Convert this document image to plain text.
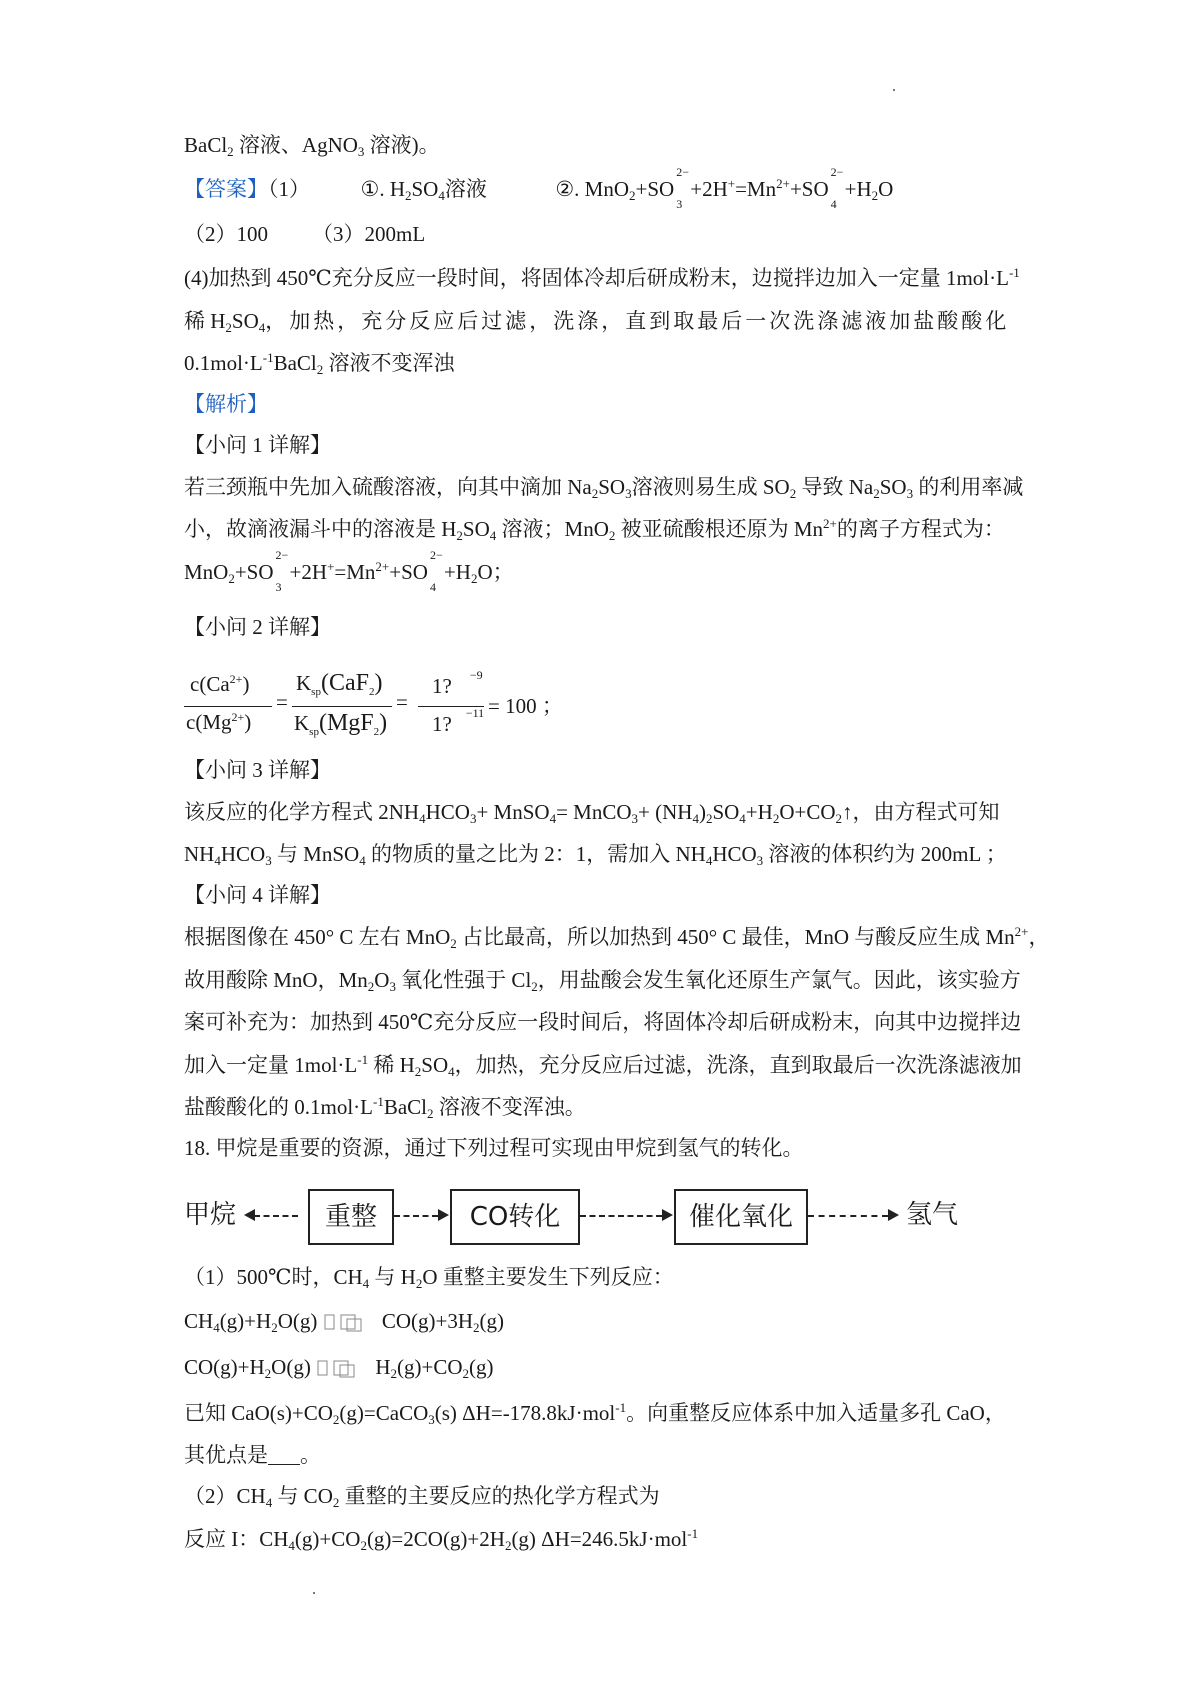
BaCl$_2$ 溶液、AgNO$_3$ 溶液)。
【答案】（1） ①. $H_2SO_4$溶液	②. MnO$_2$+SO
2−
3
$+2H^+=Mn^{2+}+SO$
2−
4
$+H_2O$
（2）100 （3）200mL
(4)加热到 450℃充分反应一段时间，将固体冷却后研成粉末，边搅拌边加入一定量 $1mol\cdot L^{-1}$
稀 $H_2SO_4$，加热，充分反应后过滤，洗涤，直到取最后一次洗涤滤液加盐酸酸化
$0.1mol\cdot L^{-1}BaCl_2$ 溶液不变浑浊
【解析】
【小问 1 详解】
若三颈瓶中先加入硫酸溶液，向其中滴加 $Na_2SO_3$溶液则易生成 $SO_2$ 导致 $Na_2SO_3$ 的利用率减
小，故滴液漏斗中的溶液是 $H_2SO_4$ 溶液；MnO$_2$ 被亚硫酸根还原为 $Mn^{2+}$的离子方程式为：
MnO$_2$+SO
2−
3
$+2H^+=Mn^{2+}+SO$
2−
4
$+H_2O$；
【小问 2 详解】
$c(Ca^{2+})$
$c(Mg^{2+})$
=
$K_{sp}(CaF_2)$
$K_{sp}(MgF_2)$
=
1? $^{-9}$
1? $^{-11}$ = 100 ；
【小问 3 详解】
该反应的化学方程式 $2NH_4HCO_3+$ MnSO$_4$= MnCO$_3$+ $(NH_4)_2SO_4+H_2O+CO_2↑$，由方程式可知
$NH_4HCO_3$ 与 MnSO$_4$ 的物质的量之比为 2：1，需加入 $NH_4HCO_3$ 溶液的体积约为 200mL ；
【小问 4 详解】
根据图像在 450° C 左右 MnO$_2$ 占比最高，所以加热到 450° C 最佳，MnO 与酸反应生成 $Mn^{2+}$，
故用酸除 MnO，$Mn_2O_3$ 氧化性强于 $Cl_2$，用盐酸会发生氧化还原生产氯气。因此，该实验方
案可补充为：加热到 450℃充分反应一段时间后，将固体冷却后研成粉末，向其中边搅拌边
加入一定量 $1mol\cdot L^{-1}$ 稀 $H_2SO_4$，加热，充分反应后过滤，洗涤，直到取最后一次洗涤滤液加
盐酸酸化的 $0.1mol\cdot L^{-1}BaCl_2$ 溶液不变浑浊。
18. 甲烷是重要的资源，通过下列过程可实现由甲烷到氢气的转化。
甲烷	重整	CO转化	催化氧化	氢气
（1）500℃时，$CH_4$ 与 $H_2O$ 重整主要发生下列反应：
$CH_4(g)+H_2O(g)$	$CO(g)+3H_2(g)$
$CO(g)+H_2O(g)$	$H_2(g)+CO_2(g)$
已知 $CaO(s)+CO_2(g)=CaCO_3(s)$ ΔH=-178.8kJ·mol$^{-1}$。向重整反应体系中加入适量多孔 CaO，
其优点是 。
$(2)CH_4$ 与 $CO_2$ 重整的主要反应的热化学方程式为
反应 I：$CH_4(g)+CO_2(g)=2CO(g)+2H_2(g)$ ΔH=246.5kJ·mol$^{-1}$
